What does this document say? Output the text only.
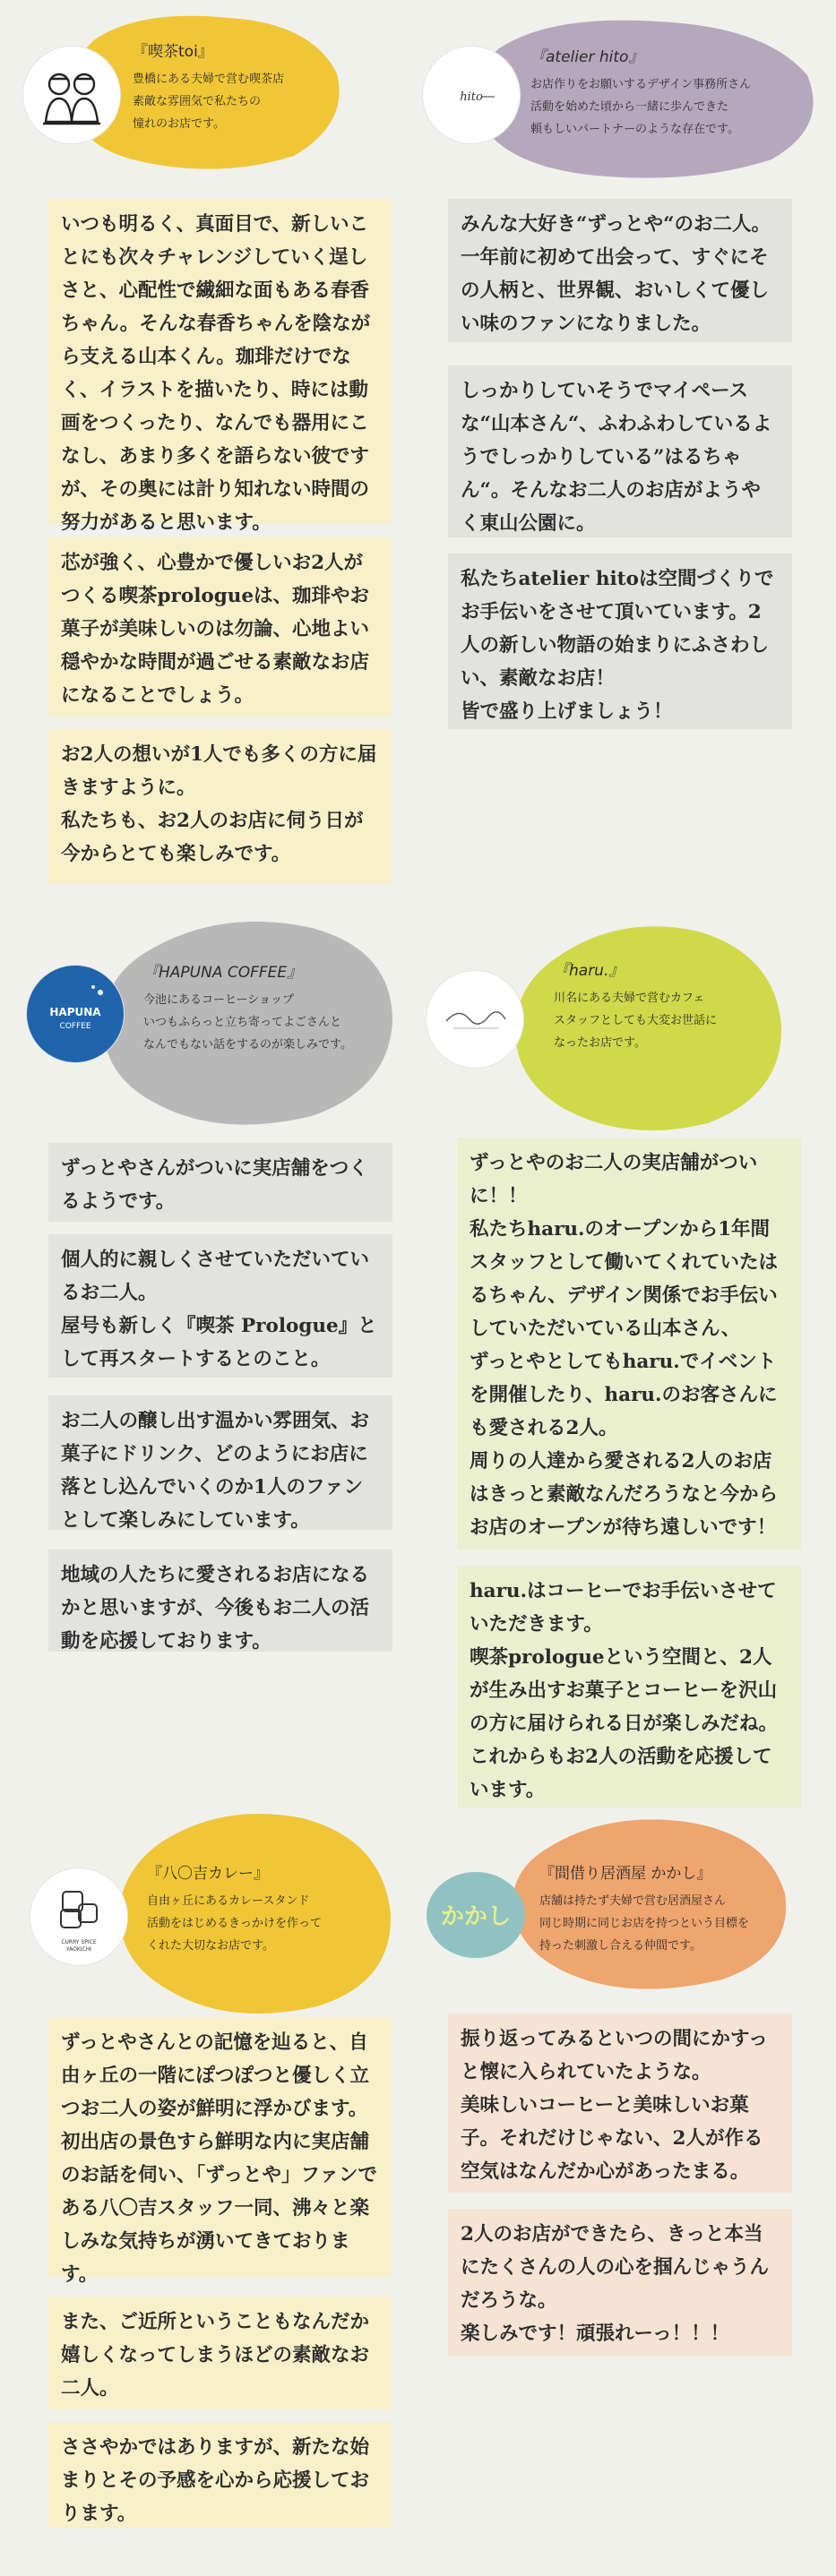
『喫茶toi』
豊橋にある夫婦で営む喫茶店
素敵な雰囲気で私たちの
憧れのお店です。
いつも明るく、真面目で、新しいことにも次々チャレンジしていく逞しさと、心配性で繊細な面もある春香ちゃん。そんな春香ちゃんを陰ながら支える山本くん。珈琲だけでなく、イラストを描いたり、時には動画をつくったり、なんでも器用にこなし、あまり多くを語らない彼ですが、その奥には計り知れない時間の努力があると思います。
芯が強く、心豊かで優しいお2人がつくる喫茶prologueは、珈琲やお菓子が美味しいのは勿論、心地よい穏やかな時間が過ごせる素敵なお店になることでしょう。
お2人の想いが1人でも多くの方に届きますように。
私たちも、お2人のお店に伺う日が今からとても楽しみです。
hito
『atelier hito』
お店作りをお願いするデザイン事務所さん
活動を始めた頃から一緒に歩んできた
頼もしいパートナーのような存在です。
みんな大好き“ずっとや“のお二人。一年前に初めて出会って、すぐにその人柄と、世界観、おいしくて優しい味のファンになりました。
しっかりしていそうでマイペースな“山本さん“、ふわふわしているようでしっかりしている”はるちゃん“。そんなお二人のお店がようやく東山公園に。
私たちatelier hitoは空間づくりでお手伝いをさせて頂いています。2人の新しい物語の始まりにふさわしい、素敵なお店！
皆で盛り上げましょう！
HAPUNA
COFFEE
『HAPUNA COFFEE』
今池にあるコーヒーショップ
いつもふらっと立ち寄ってよごさんと
なんでもない話をするのが楽しみです。
ずっとやさんがついに実店舗をつくるようです。
個人的に親しくさせていただいているお二人。
屋号も新しく『喫茶 Prologue』として再スタートするとのこと。
お二人の醸し出す温かい雰囲気、お菓子にドリンク、どのようにお店に落とし込んでいくのか1人のファンとして楽しみにしています。
地域の人たちに愛されるお店になるかと思いますが、今後もお二人の活動を応援しております。
『haru.』
川名にある夫婦で営むカフェ
スタッフとしても大変お世話に
なったお店です。
ずっとやのお二人の実店舗がついに！！
私たちharu.のオープンから1年間スタッフとして働いてくれていたはるちゃん、デザイン関係でお手伝いしていただいている山本さん、
ずっとやとしてもharu.でイベントを開催したり、haru.のお客さんにも愛される2人。
周りの人達から愛される2人のお店はきっと素敵なんだろうなと今からお店のオープンが待ち遠しいです！
haru.はコーヒーでお手伝いさせていただきます。
喫茶prologueという空間と、2人が生み出すお菓子とコーヒーを沢山の方に届けられる日が楽しみだね。
これからもお2人の活動を応援しています。
CURRY SPICE
YAOKICHI
『八〇吉カレー』
自由ヶ丘にあるカレースタンド
活動をはじめるきっかけを作って
くれた大切なお店です。
ずっとやさんとの記憶を辿ると、自由ヶ丘の一階にぽつぽつと優しく立つお二人の姿が鮮明に浮かびます。
初出店の景色すら鮮明な内に実店舗のお話を伺い、「ずっとや」ファンである八〇吉スタッフ一同、沸々と楽しみな気持ちが湧いてきております。
また、ご近所ということもなんだか嬉しくなってしまうほどの素敵なお二人。
ささやかではありますが、新たな始まりとその予感を心から応援しております。
かかし
『間借り居酒屋 かかし』
店舗は持たず夫婦で営む居酒屋さん
同じ時期に同じお店を持つという目標を
持った刺激し合える仲間です。
振り返ってみるといつの間にかすっと懐に入られていたような。
美味しいコーヒーと美味しいお菓子。それだけじゃない、2人が作る空気はなんだか心があったまる。
2人のお店ができたら、きっと本当にたくさんの人の心を掴んじゃうんだろうな。
楽しみです！頑張れーっ！！！
